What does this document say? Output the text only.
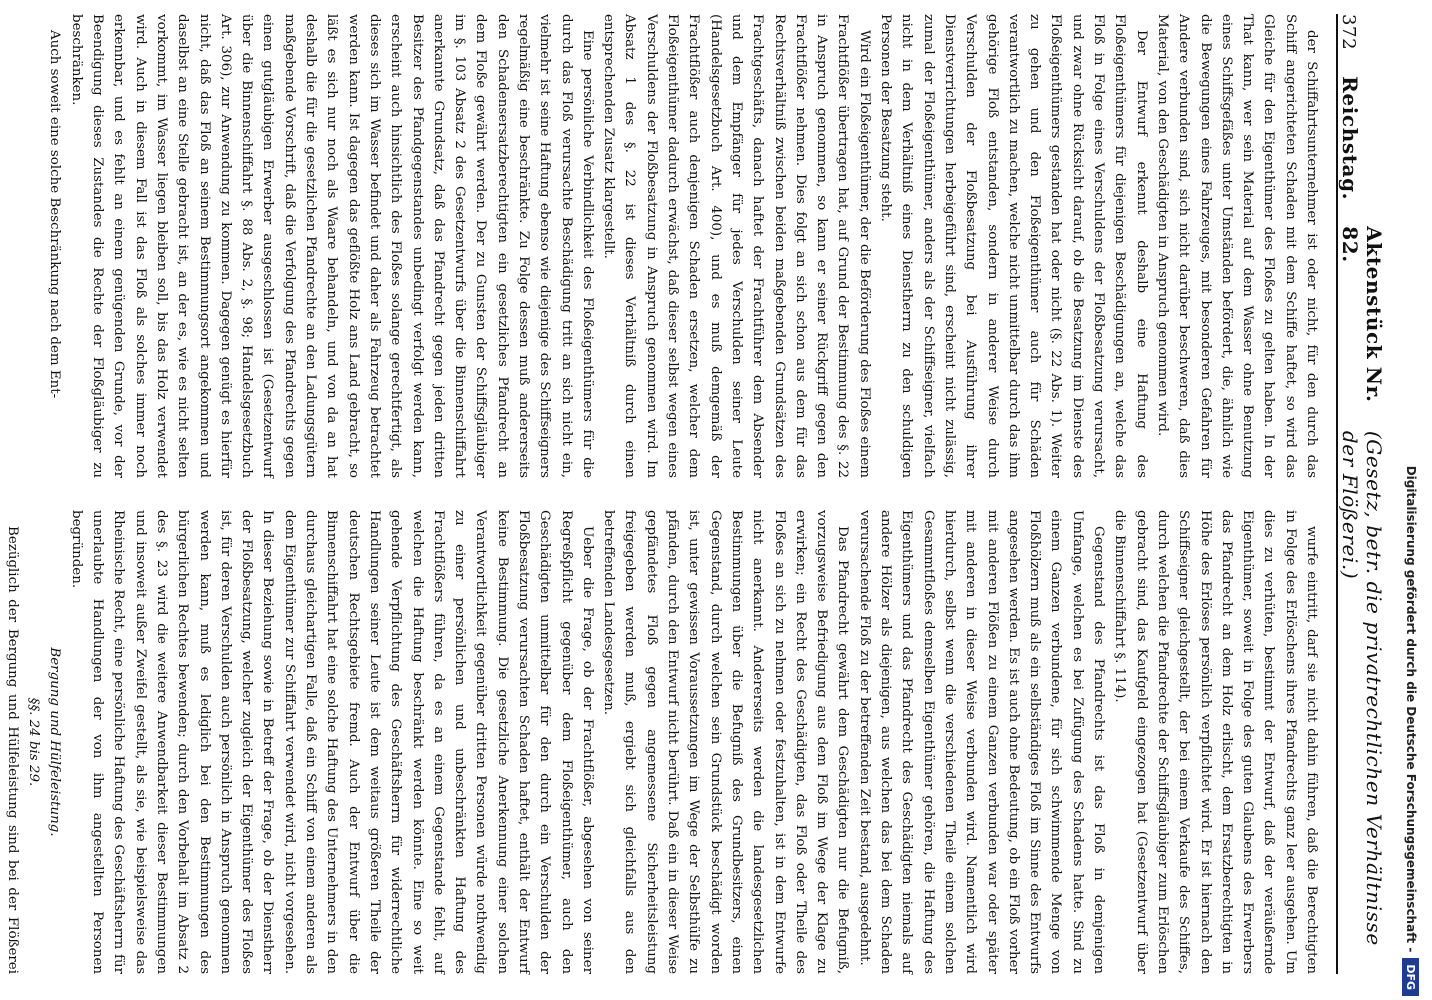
372
Reichstag.
Aktenstück Nr. 82.
(Gesetz, betr. die privatrechtlichen Verhältnisse der Flößerei.)

der Schiffahrtsunternehmer ist oder nicht, für den durch das Schiff angerichteten Schaden mit dem Schiffe haftet, so wird das Gleiche für den Eigenthümer des Floßes zu gelten haben. In der That kann, wer sein Material auf dem Wasser ohne Benutzung eines Schiffsgefäßes unter Umständen befördert, die, ähnlich wie die Bewegungen eines Fahrzeuges, mit besonderen Gefahren für Andere verbunden sind, sich nicht darüber beschweren, daß dies Material, von den Geschädigten in Anspruch genommen wird.

Der Entwurf erkennt deshalb eine Haftung des Floßeigenthümers für diejenigen Beschädigungen an, welche das Floß in Folge eines Verschuldens der Floßbesatzung verursacht, und zwar ohne Rücksicht darauf, ob die Besatzung im Dienste des Floßeigenthümers gestanden hat oder nicht (§. 22 Abs. 1). Weiter zu gehen und den Floßeigenthümer auch für Schäden verantwortlich zu machen, welche nicht unmittelbar durch das ihm gehörige Floß entstanden, sondern in anderer Weise durch Verschulden der Floßbesatzung bei Ausführung ihrer Dienstverrichtungen herbeigeführt sind, erscheint nicht zulässig, zumal der Floßeigenthümer, anders als der Schiffseigner, vielfach nicht in dem Verhältniß eines Dienstherrn zu den schuldigen Personen der Besatzung steht.

Wird ein Floßeigenthümer, der die Beförderung des Floßes einem Frachtflößer übertragen hat, auf Grund der Bestimmung des §. 22 in Anspruch genommen, so kann er seiner Rückgriff gegen den Frachtflößer nehmen. Dies folgt an sich schon aus dem für das Rechtsverhältniß zwischen beiden maßgebenden Grundsätzen des Frachtgeschäfts, danach haftet der Frachtführer dem Absender und dem Empfänger für jedes Verschulden seiner Leute (Handelsgesetzbuch Art. 400), und es muß demgemäß der Frachtflößer auch denjenigen Schaden ersetzen, welcher dem Floßeigenthümer dadurch erwächst, daß dieser selbst wegen eines Verschuldens der Floßbesatzung in Anspruch genommen wird. Im Absatz 1 des §. 22 ist dieses Verhältniß durch einen entsprechenden Zusatz klargestellt.

Eine persönliche Verbindlichkeit des Floßeigenthümers für die durch das Floß verursachte Beschädigung tritt an sich nicht ein, vielmehr ist seine Haftung ebenso wie diejenige des Schiffseigners regelmäßig eine beschränkte. Zu Folge dessen muß andererseits den Schadensersatzberechtigten ein gesetzliches Pfandrecht an dem Floße gewährt werden. Der zu Gunsten der Schiffsgläubiger im §. 103 Absatz 2 des Gesetzentwurfs über die Binnenschiffahrt anerkannte Grundsatz, daß das Pfandrecht gegen jeden dritten Besitzer des Pfandgegenstandes unbedingt verfolgt werden kann, erscheint auch hinsichtlich des Floßes solange gerechtfertigt, als dieses sich im Wasser befindet und daher als Fahrzeug betrachtet werden kann. Ist dagegen das geflößte Holz ans Land gebracht, so läßt es sich nur noch als Waare behandeln, und von da an hat deshalb die für die gesetzlichen Pfandrechte an den Ladungsgütern maßgebende Vorschrift, daß die Verfolgung des Pfandrechts gegen einen gutgläubigen Erwerber ausgeschlossen ist (Gesetzentwurf über die Binnenschiffahrt §. 88 Abs. 2, §. 98; Handelsgesetzbuch Art. 306), zur Anwendung zu kommen. Dagegen genügt es hierfür nicht, daß das Floß an seinem Bestimmungsort angekommen und daselbst an eine Stelle gebracht ist, an der es, wie es nicht selten vorkommt, im Wasser liegen bleiben soll, bis das Holz verwendet wird. Auch in diesem Fall ist das Floß als solches immer noch erkennbar, und es fehlt an einem genügenden Grunde, vor der Beendigung dieses Zustandes die Rechte der Floßgläubiger zu beschränken.

Auch soweit eine solche Beschränkung nach dem Ent-

wurfe eintritt, darf sie nicht dahin führen, daß die Berechtigten in Folge des Erlöschens ihres Pfandrechts ganz leer ausgehen. Um dies zu verhüten, bestimmt der Entwurf, daß der veräußernde Eigenthümer, soweit in Folge des guten Glaubens des Erwerbers das Pfandrecht an dem Holz erlischt, dem Ersatzberechtigten in Höhe des Erlöses persönlich verpflichtet wird. Er ist hiernach den Schiffseigner gleichgestellt, der bei einem Verkaufe des Schiffes, durch welchen die Pfandrechte der Schiffsgläubiger zum Erlöschen gebracht sind, das Kaufgeld eingezogen hat (Gesetzentwurf über die Binnenschiffahrt §. 114).

Gegenstand des Pfandrechts ist das Floß in demjenigen Umfange, welchen es bei Zufügung des Schadens hatte. Sind zu einem Ganzen verbundene, für sich schwimmende Menge von Floßhölzern muß als ein selbständiges Floß im Sinne des Entwurfs angesehen werden. Es ist auch ohne Bedeutung, ob ein Floß vorher mit anderen Flößen zu einem Ganzen verbunden war oder später mit anderen in dieser Weise verbunden wird. Namentlich wird hierdurch, selbst wenn die verschiedenen Theile einem solchen Gesammtfloßes demselben Eigenthümer gehören, die Haftung des Eigenthümers und das Pfandrecht des Geschädigten niemals auf andere Hölzer als diejenigen, aus welchen das bei dem Schaden verursachende Floß zu der betreffenden Zeit bestand, ausgedehnt.

Das Pfandrecht gewährt dem Geschädigten nur die Befugniß, vorzugsweise Befriedigung aus dem Floß im Wege der Klage zu erwirken; ein Recht des Geschädigten, das Floß oder Theile des Floßes an sich zu nehmen oder festzuhalten, ist in dem Entwurfe nicht anerkannt. Andererseits werden die landesgesetzlichen Bestimmungen über die Befugniß des Grundbesitzers, einen Gegenstand, durch welchen sein Grundstück beschädigt worden ist, unter gewissen Voraussetzungen im Wege der Selbsthülfe zu pfänden, durch den Entwurf nicht berührt. Daß ein in dieser Weise gepfändetes Floß gegen angemessene Sicherheitsleistung freigegeben werden muß, ergiebt sich gleichfalls aus den betreffenden Landesgesetzen.

Ueber die Frage, ob der Frachtflößer, abgesehen von seiner Regreßpflicht gegenüber dem Floßeigenthümer, auch den Geschädigten unmittelbar für den durch ein Verschulden der Floßbesatzung verursachten Schaden haftet, enthält der Entwurf keine Bestimmung. Die gesetzliche Anerkennung einer solchen Verantwortlichkeit gegenüber dritten Personen würde nothwendig zu einer persönlichen und unbeschränkten Haftung des Frachtflößers führen, da es an einem Gegenstande fehlt, auf welchen die Haftung beschränkt werden könnte. Eine so weit gehende Verpflichtung des Geschäftsherrn für widerrechtliche Handlungen seiner Leute ist dem weitaus größeren Theile der deutschen Rechtsgebiete fremd. Auch der Entwurf über die Binnenschiffahrt hat eine solche Haftung des Unternehmers in den durchaus gleichartigen Falle, daß ein Schiff von einem anderen als dem Eigenthümer zur Schiffahrt verwendet wird, nicht vorgesehen. In dieser Beziehung sowie in Betreff der Frage, ob der Dienstherr der Floßbesatzung, welcher zugleich der Eigenthümer des Floßes ist, für deren Verschulden auch persönlich in Anspruch genommen werden kann, muß es lediglich bei den Bestimmungen des bürgerlichen Rechtes bewenden; durch den Vorbehalt im Absatz 2 des §. 23 wird die weitere Anwendbarkeit dieser Bestimmungen und insoweit außer Zweifel gestellt, als sie, wie beispielsweise das Rheinische Recht, eine persönliche Haftung des Geschäftsherrn für unerlaubte Handlungen der von ihm angestellten Personen begründen.

Bergung und Hülfeleistung.

§§. 24 bis 29.

Bezüglich der Bergung und Hülfeleistung sind bei der Flößerei	Digitalisierung gefördert durch die Deutsche Forschungsgemeinschaft -
DFG
